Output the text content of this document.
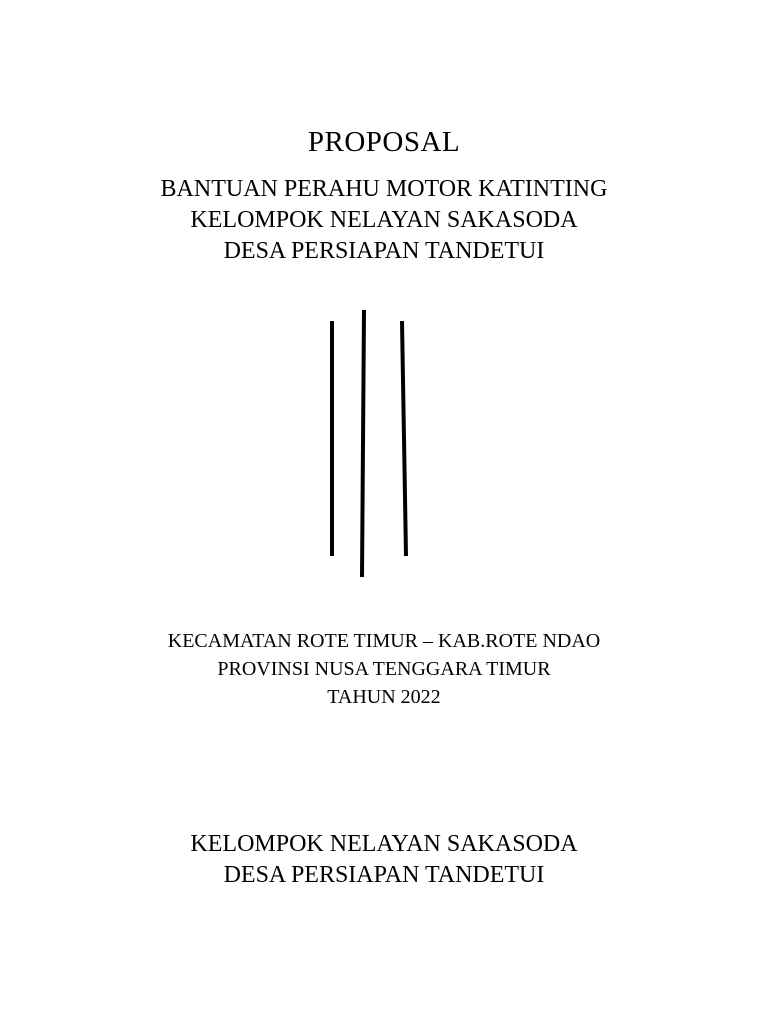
PROPOSAL
BANTUAN PERAHU MOTOR KATINTING
KELOMPOK NELAYAN SAKASODA
DESA PERSIAPAN TANDETUI
KECAMATAN ROTE TIMUR – KAB.ROTE NDAO
PROVINSI NUSA TENGGARA TIMUR
TAHUN 2022
KELOMPOK NELAYAN SAKASODA
DESA PERSIAPAN TANDETUI
